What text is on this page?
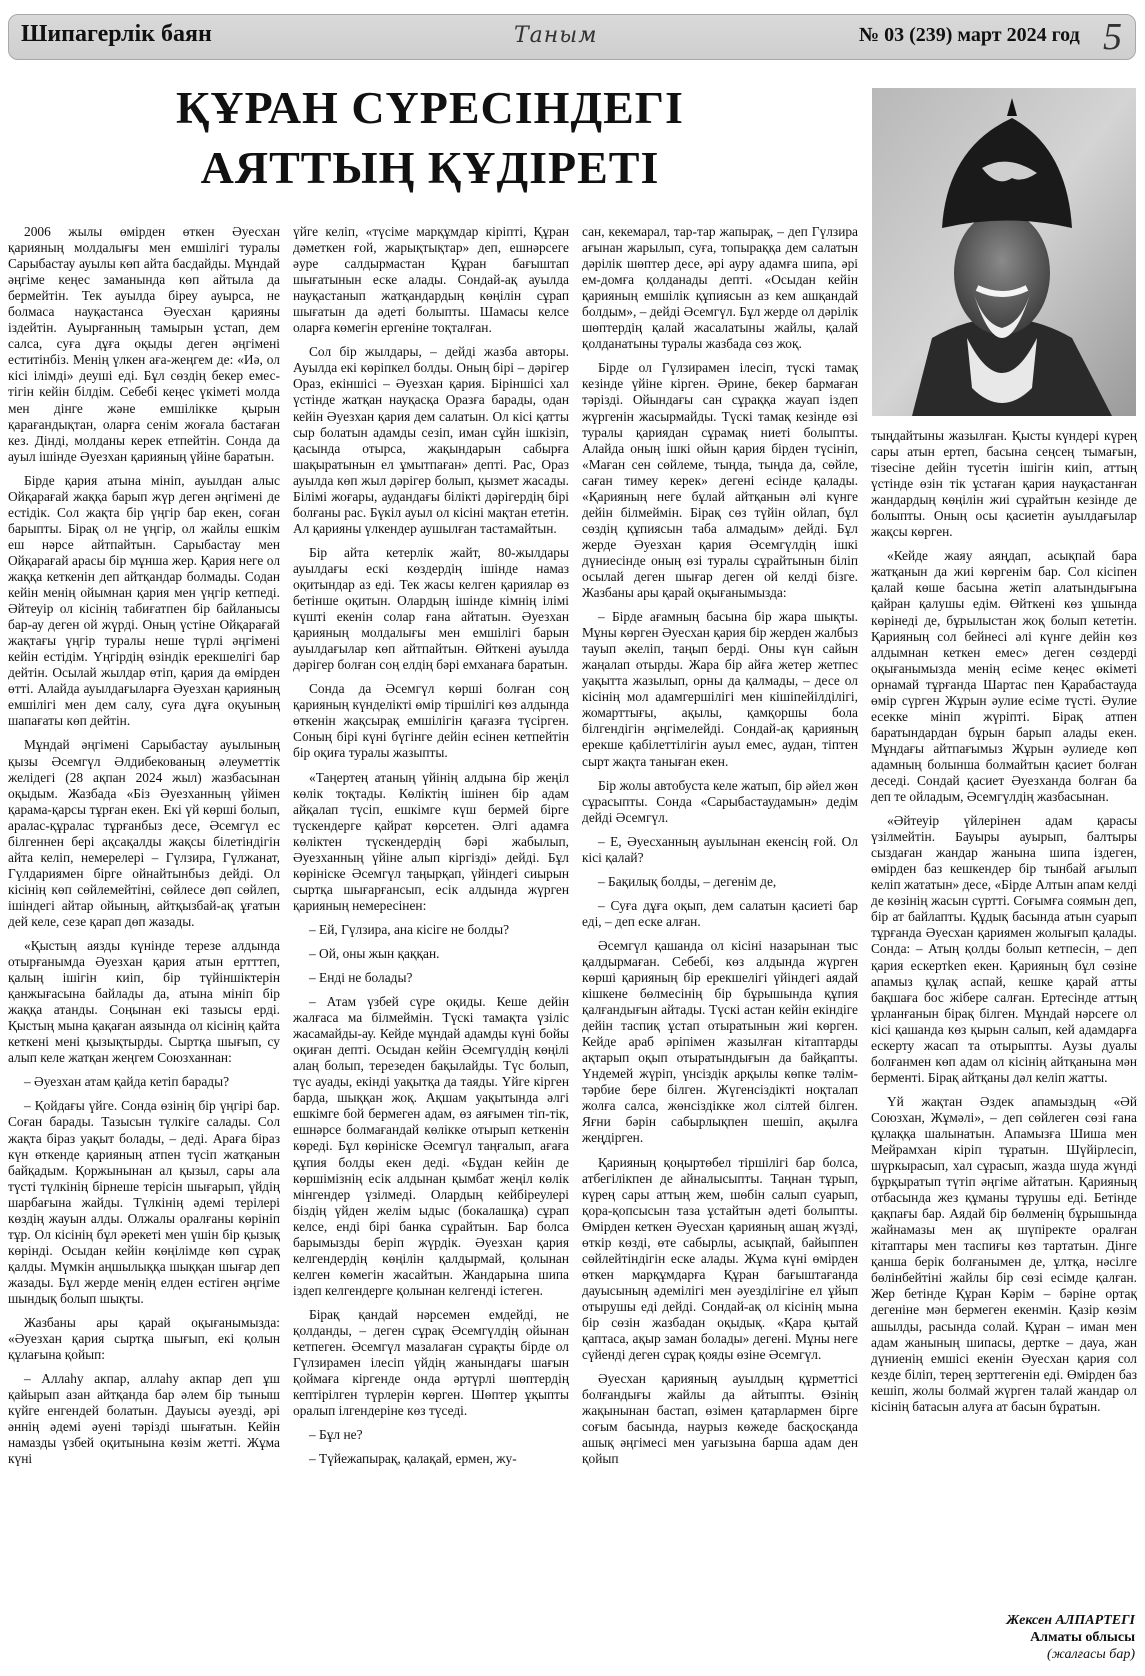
Шипагерлік баян	Таным	№ 03 (239) март 2024 год 5
ҚҰРАН СҮРЕСІНДЕГІ
АЯТТЫҢ ҚҰДІРЕТІ

2006 жылы өмірден өткен Әуесхан қарияның молдалығы мен емшілігі туралы Сарыбастау ауылы көп айта басдайды. Мұндай әңгіме кеңес заманында көп айтыла да бермейтін. Тек ауылда біреу ауырса, не болмаса науқастанса Әуесхан қарияны іздейтін. Ауырғанның тамырын ұстап, дем салса, суға дұға оқыды деген әңгімені еститінбіз. Менің үлкен аға-жеңгем де: «Иә, ол кісі ілімді» деуші еді. Бұл сөздің бекер еместігін кейін білдім. Себебі кеңес үкіметі молда мен дінге және емшілікке қырын қарағандықтан, оларға сенім жоғала бастаған кез. Дінді, молданы керек етпейтін. Сонда да ауыл ішінде Әуезхан қарияның үйіне баратын.

Бірде қария атына мініп, ауылдан алыс Ойқарағай жаққа барып жүр деген әңгімені де естідік. Сол жақта бір үңгір бар екен, соған барыпты. Бірақ ол не үңгір, ол жайлы ешкім еш нәрсе айтпайтын. Сарыбастау мен Ойқарағай арасы бір мұнша жер. Қария неге ол жаққа кеткенін деп айтқандар болмады. Содан кейін менің ойымнан қария мен үңгір кетпеді. Әйтеуір ол кісінің табиғатпен бір байланысы бар-ау деген ой жүрді. Оның үстіне Ойқарағай жақтағы үңгір туралы неше түрлі әңгімені кейін естідім. Үңгірдің өзіндік ерекшелігі бар дейтін. Осылай жылдар өтіп, қария да өмірден өтті. Алайда ауылдағыларға Әуезхан қарияның емшілігі мен дем салу, суға дұға оқуының шапағаты көп дейтін.

Мұндай әңгімені Сарыбастау ауылының қызы Әсемгүл Әлдибекованың әлеуметтік желідегі (28 ақпан 2024 жыл) жазбасынан оқыдым. Жазбада «Біз Әуезханның үйімен қарама-қарсы тұрған екен. Екі үй көрші болып, аралас-құралас тұрғанбыз десе, Әсемгүл ес білгеннен бері ақсақалды жақсы білетіндігін айта келіп, немерелері – Гүлзира, Гүлжанат, Гүлдариямен бірге ойнайтынбыз дейді. Ол кісінің көп сөйлемейтіні, сөйлесе дөп сөйлеп, ішіндегі айтар ойының, айтқызбай-ақ ұғатын дей келе, сезе қарап дөп жазады.

«Қыстың аязды күнінде терезе алдында отырғанымда Әуезхан қария атын ертттеп, қалың ішігін киіп, бір түйіншіктерін қанжығасына байлады да, атына мініп бір жаққа атанды. Соңынан екі тазысы ерді. Қыстың мына қақаған аязында ол кісінің қайта кеткені мені қызықтырды. Сыртқа шығып, су алып келе жатқан жеңгем Союзханнан:

– Әуезхан атам қайда кетіп барады?

– Қойдағы үйге. Сонда өзінің бір үңгірі бар. Соған барады. Тазысын түлкіге салады. Сол жақта біраз уақыт болады, – деді. Араға біраз күн өткенде қарияның атпен түсіп жатқанын байқадым. Қоржынынан ал қызыл, сары ала түсті түлкінің бірнеше терісін шығарып, үйдің шарбағына жайды. Түлкінің әдемі терілері көздің жауын алды. Олжалы оралғаны көрініп тұр. Ол кісінің бұл әрекеті мен үшін бір қызық көрінді. Осыдан кейін көңілімде көп сұрақ қалды. Мүмкін аңшылыққа шыққан шығар деп жазады. Бұл жерде менің елден естіген әңгіме шындық болып шықты.

Жазбаны ары қарай оқығанымызда: «Әуезхан қария сыртқа шығып, екі қолын құлағына қойып:

– Аллаһу акпар, аллаһу акпар деп ұш қайырып азан айтқанда бар әлем бір тыныш күйге енгендей болатын. Дауысы әуезді, әрі әннің әдемі әуені тәрізді шығатын. Кейін намазды үзбей оқитынына көзім жетті. Жұма күні

үйге келіп, «түсіме марқұмдар кіріпті, Құран дәметкен ғой, жарықтықтар» деп, ешнәрсеге әуре салдырмастан Құран бағыштап шығатынын еске алады. Сондай-ақ ауылда науқастанып жатқандардың көңілін сұрап шығатын да әдеті болыпты. Шамасы келсе оларға көмегін ергеніне тоқталған.

Сол бір жылдары, – дейді жазба авторы. Ауылда екі көріпкел болды. Оның бірі – дәрігер Ораз, екіншісі – Әуезхан қария. Біріншісі хал үстінде жатқан науқасқа Оразға барады, одан кейін Әуезхан қария дем салатын. Ол кісі қатты сыр болатын адамды сезіп, иман сұйн ішкізіп, қасында отырса, жақындарын сабырға шақыратынын ел ұмытпаған» депті. Рас, Ораз ауылда көп жыл дәрігер болып, қызмет жасады. Білімі жоғары, аудандағы білікті дәрігердің бірі болғаны рас. Бүкіл ауыл ол кісіні мақтан ететін. Ал қарияны үлкендер аушылған тастамайтын.

Бір айта кетерлік жайт, 80-жылдары ауылдағы ескі көздердің ішінде намаз оқитындар аз еді. Тек жасы келген қариялар өз бетінше оқитын. Олардың ішінде кімнің ілімі күшті екенін солар ғана айтатын. Әуезхан қарияның молдалығы мен емшілігі барын ауылдағылар көп айтпайтын. Өйткені ауылда дәрігер болған соң елдің бәрі емханаға баратын.

Сонда да Әсемгүл көрші болған соң қарияның күнделікті өмір тіршілігі көз алдында өткенін жақсырақ емшілігін қағазға түсірген. Соның бірі күні бүгінге дейін есінен кетпейтін бір оқиға туралы жазыпты.

«Таңертең атаның үйінің алдына бір жеңіл көлік тоқтады. Көліктің ішінен бір адам айқалап түсіп, ешкімге күш бермей бірге түскендерге қайрат көрсетен. Әлгі адамға көліктен түскендердің бәрі жабылып, Әуезханның үйіне алып кіргізді» дейді. Бұл көрініске Әсемгүл таңырқап, үйіндегі сиырын сыртқа шығарғансып, есік алдында жүрген қарияның немересінен:

– Ей, Гүлзира, ана кісіге не болды?

– Ой, оны жын қаққан.

– Енді не болады?

– Атам үзбей сүре оқиды. Кеше дейін жалғаса ма білмеймін. Түскі тамақта үзіліс жасамайды-ау. Кейде мұндай адамды күні бойы оқиған депті. Осыдан кейін Әсемгүлдің көңілі алаң болып, терезеден бақылайды. Түс болып, түс ауады, екінді уақытқа да таяды. Үйге кірген барда, шыққан жоқ. Ақшам уақытында әлгі ешкімге бой бермеген адам, өз аяғымен тіп-тік, ешнәрсе болмағандай көлікке отырып кеткенін көреді. Бұл көрініске Әсемгүл таңғалып, ағаға құпия болды екен деді. «Бұдан кейін де көршімізнің есік алдынан қымбат жеңіл көлік мінгендер үзілмеді. Олардың кейбіреулері біздің үйден желім ыдыс (бокалашқа) сұрап келсе, енді бірі банка сұрайтын. Бар болса барымызды беріп жүрдік. Әуезхан қария келгендердің көңілін қалдырмай, қолынан келген көмегін жасайтын. Жандарына шипа іздеп келгендерге қолынан келгенді істеген.

Бірақ қандай нәрсемен емдейді, не қолданды, – деген сұрақ Әсемгүлдің ойынан кетпеген. Әсемгүл мазалаған сұрақты бірде ол Гүлзирамен ілесіп үйдің жанындағы шағын қоймаға кіргенде онда әртүрлі шөптердің кептірілген түрлерін көрген. Шөптер ұқыпты оралып ілгендеріне көз түседі.

– Бұл не?

– Түйежапырақ, қалақай, ермен, жу-

сан, кекемарал, тар-тар жапырақ, – деп Гүлзира ағынан жарылып, суға, топыраққа дем салатын дәрілік шөптер десе, әрі ауру адамға шипа, әрі ем-домға қолданады депті. «Осыдан кейін қарияның емшілік құпиясын аз кем ашқандай болдым», – дейді Әсемгүл. Бұл жерде ол дәрілік шөптердің қалай жасалатыны жайлы, қалай қолданатыны туралы жазбада сөз жоқ.

Бірде ол Гүлзирамен ілесіп, түскі тамақ кезінде үйіне кірген. Әрине, бекер бармаған тәрізді. Ойындағы сан сұраққа жауап іздеп жүргенін жасырмайды. Түскі тамақ кезінде өзі туралы қариядан сұрамақ ниеті болыпты. Алайда оның ішкі ойын қария бірден түсініп, «Маған сен сөйлеме, тыңда, тыңда да, сөйле, саған тимеу керек» дегені есінде қалады. «Қарияның неге бұлай айтқанын әлі күнге дейін білмеймін. Бірақ сөз түйін ойлап, бұл сөздің құпиясын таба алмадым» дейді. Бұл жерде Әуезхан қария Әсемгүлдің ішкі дүниесінде оның өзі туралы сұрайтынын біліп осылай деген шығар деген ой келді бізге. Жазбаны ары қарай оқығанымызда:

– Бірде ағамның басына бір жара шықты. Мұны көрген Әуесхан қария бір жерден жалбыз тауып әкеліп, таңып берді. Оны күн сайын жаңалап отырды. Жара бір айға жетер жетпес уақытта жазылып, орны да қалмады, – десе ол кісінің мол адамгершілігі мен кішіпейілділігі, жомарттығы, ақылы, қамқоршы бола білгендігін әңгімелейді. Сондай-ақ қарияның ерекше қабілеттілігін ауыл емес, аудан, тіптен сырт жақта таныған екен.

Бір жолы автобуста келе жатып, бір әйел жөн сұрасыпты. Сонда «Сарыбастаудамын» дедім дейді Әсемгүл.

– Е, Әуесханның ауылынан екенсің ғой. Ол кісі қалай?

– Бақилық болды, – дегенім де,

– Суға дұға оқып, дем салатын қасиеті бар еді, – деп еске алған.

Әсемгүл қашанда ол кісіні назарынан тыс қалдырмаған. Себебі, көз алдында жүрген көрші қарияның бір ерекшелігі үйіндегі аядай кішкене бөлмесінің бір бұрышында құпия қалғандығын айтады. Түскі астан кейін екіндіге дейін таспиқ ұстап отыратынын жиі көрген. Кейде араб әріпімен жазылған кітаптарды ақтарып оқып отыратындығын да байқапты. Үндемей жүріп, үнсіздік арқылы көпке тәлім-тәрбие бере білген. Жүгенсіздікті ноқталап жолға салса, жөнсіздікке жол сілтей білген. Яғни бәрін сабырлықпен шешіп, ақылға жеңдірген.

Қарияның қоңыртөбел тіршілігі бар болса, атбегілікпен де айналысыпты. Таңнан тұрып, күрең сары аттың жем, шөбін салып суарып, қора-қопсысын таза ұстайтын әдеті болыпты. Өмірден кеткен Әуесхан қарияның ашаң жүзді, өткір көзді, өте сабырлы, асықпай, байыппен сөйлейтіндігін еске алады. Жұма күні өмірден өткен марқұмдарға Құран бағыштағанда дауысының әдемілігі мен әуездiлігіне ел ұйып отырушы еді дейді. Сондай-ақ ол кісінің мына бір сөзін жазбадан оқыдық. «Қара қытай қаптаса, ақыр заман болады» дегені. Мұны неге сүйенді деген сұрақ қояды өзіне Әсемгүл.

Әуесхан қарияның ауылдың құрметтісі болғандығы жайлы да айтыпты. Өзінің жақынынан бастап, өзімен қатарлармен бірге соғым басында, наурыз көжеде басқосқанда ашық әңгімесі мен уағызына барша адам ден қойып

тыңдайтыны жазылған. Қысты күндері күрең сары атын ертеп, басына сеңсең тымағын, тізесіне дейін түсетін ішігін киіп, аттың үстінде өзін тік ұстаған қария науқастанған жандардың көңілін жиі сұрайтын кезінде де болыпты. Оның осы қасиетін ауылдағылар жақсы көрген.

«Кейде жаяу аяңдап, асықпай бара жатқанын да жиі көргенім бар. Сол кісіпен қалай көше басына жетіп алатындығына қайран қалушы едім. Өйткені көз ұшында көрінеді де, бұрылыстан жоқ болып кететін. Қарияның сол бейнесі әлі күнге дейін көз алдымнан кеткен емес» деген сөздерді оқығанымызда менің есіме кеңес өкіметі орнамай тұрғанда Шартас пен Қарабастауда өмір сүрген Жұрын әулие есіме түсті. Әулие есекке мініп жүріпті. Бірақ атпен баратындардан бұрын барып алады екен. Мұндағы айтпағымыз Жұрын әулиеде көп адамның болынша болмайтын қасиет болған деседі. Сондай қасиет Әуезханда болған ба деп те ойладым, Әсемгүлдің жазбасынан.

«Әйтеуір үйлерінен адам қарасы үзілмейтін. Бауыры ауырып, балтыры сыздаған жандар жанына шипа іздеген, өмірден баз кешкендер бір тынбай ағылып келіп жататын» десе, «Бірде Алтын апам келді де көзінің жасын сүртті. Соғымға соямын деп, бір ат байлапты. Құдық басында атын суарып тұрғанда Әуесхан қариямен жолығып қалады. Сонда: – Атың қолды болып кетпесін, – деп қария ескертken екен. Қарияның бұл сөзіне апамыз құлақ аспай, кешке қарай атты бақшаға бос жібере салған. Ертесінде аттың ұрланғанын бірақ білген. Мұндай нәрсеге ол кісі қашанда көз қырын салып, кей адамдарға ескерту жасап та отырыпты. Аузы дуалы болғанмен көп адам ол кісінің айтқанына мән берменті. Бірақ айтқаны дәл келіп жатты.

Үй жақтан Әздек апамыздың «Әй Союзхан, Жұмәлі», – деп сөйлеген сөзі ғана құлаққа шалынатын. Апамызға Шиша мен Мейрамхан кіріп тұратын. Шүйірлесіп, шүркырасып, хал сұрасып, жазда шуда жүнді бұрқыратып түтіп әңгіме айтатын. Қарияның отбасында жез құманы тұрушы еді. Бетінде қақпағы бар. Аядай бір бөлменің бұрышында жайнамазы мен ақ шүпіректе оралған кітаптары мен таспиғы көз тартатын. Дінге қанша берік болғанымен де, ұлтқа, нәсілге бөлінбейтіні жайлы бір сөзі есімде қалған. Жер бетінде Құран Кәрім – бәріне ортақ дегеніне мән бермеген екенмін. Қазір көзім ашылды, расында солай. Құран – иман мен адам жанының шипасы, дертке – дауа, жан дүниенің емшісі екенін Әуесхан қария сол кезде біліп, терең зерттегенін еді. Өмірден баз кешіп, жолы болмай жүрген талай жандар ол кісінің батасын алуға ат басын бұратын.

Жексен АЛПАРТЕГІ
Алматы облысы
(жалғасы бар)
